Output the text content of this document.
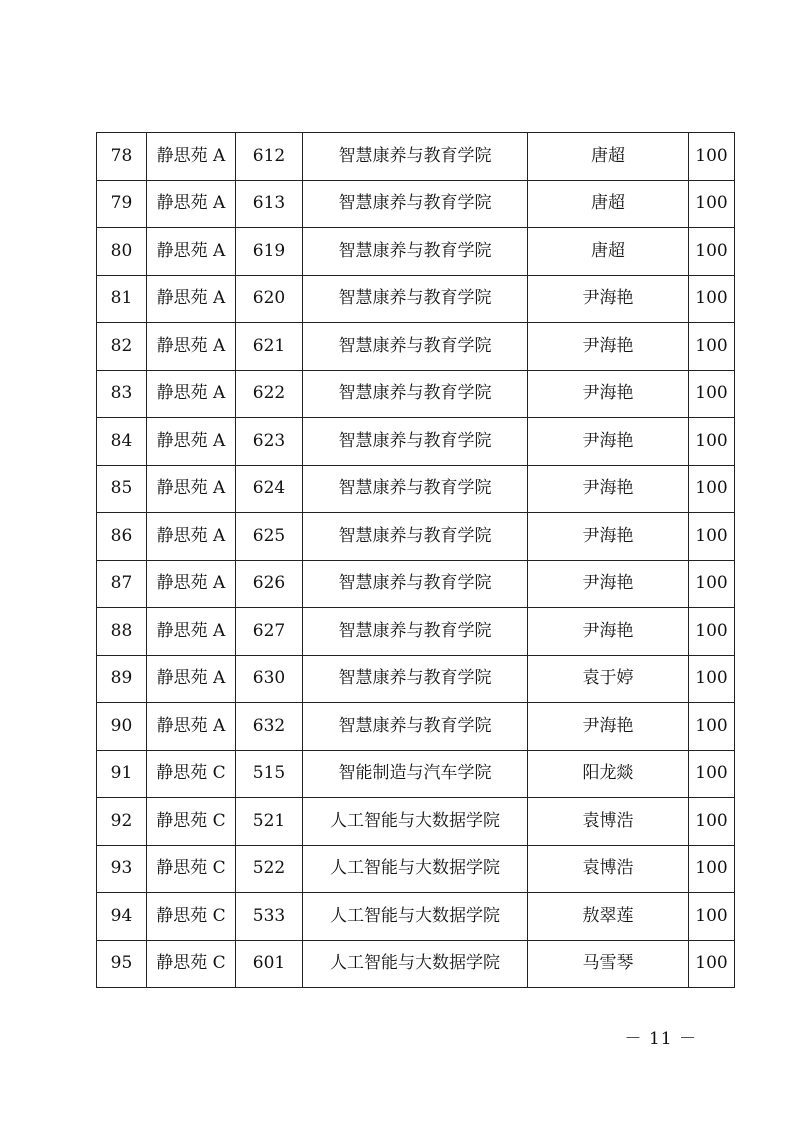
78	静思苑 A	612	智慧康养与教育学院	唐超	100
79	静思苑 A	613	智慧康养与教育学院	唐超	100
80	静思苑 A	619	智慧康养与教育学院	唐超	100
81	静思苑 A	620	智慧康养与教育学院	尹海艳	100
82	静思苑 A	621	智慧康养与教育学院	尹海艳	100
83	静思苑 A	622	智慧康养与教育学院	尹海艳	100
84	静思苑 A	623	智慧康养与教育学院	尹海艳	100
85	静思苑 A	624	智慧康养与教育学院	尹海艳	100
86	静思苑 A	625	智慧康养与教育学院	尹海艳	100
87	静思苑 A	626	智慧康养与教育学院	尹海艳	100
88	静思苑 A	627	智慧康养与教育学院	尹海艳	100
89	静思苑 A	630	智慧康养与教育学院	袁于婷	100
90	静思苑 A	632	智慧康养与教育学院	尹海艳	100
91	静思苑 C	515	智能制造与汽车学院	阳龙燚	100
92	静思苑 C	521	人工智能与大数据学院	袁博浩	100
93	静思苑 C	522	人工智能与大数据学院	袁博浩	100
94	静思苑 C	533	人工智能与大数据学院	敖翠莲	100
95	静思苑 C	601	人工智能与大数据学院	马雪琴	100
－ 11 －
